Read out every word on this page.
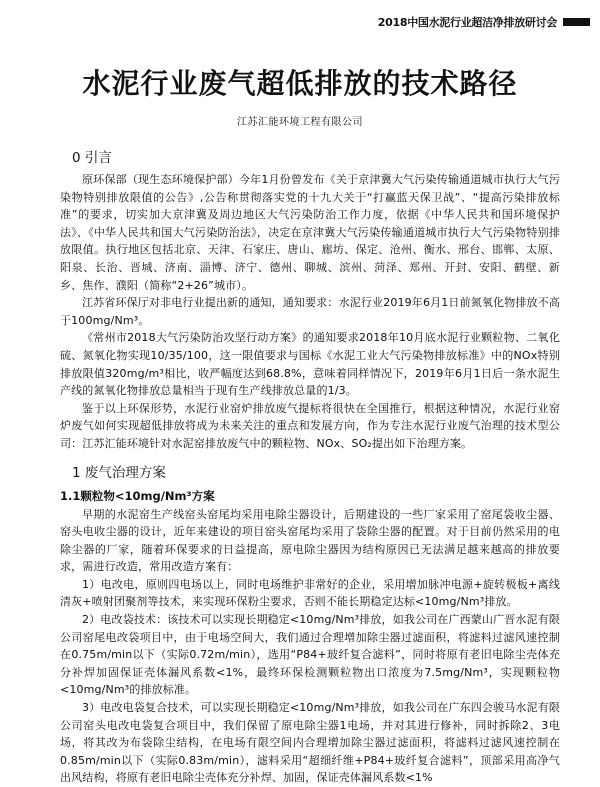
2018中国水泥行业超洁净排放研讨会
水泥行业废气超低排放的技术路径
江苏汇能环境工程有限公司
0 引言

原环保部（现生态环境保护部）今年1月份曾发布《关于京津冀大气污染传输通道城市执行大气污染物特别排放限值的公告》,公告称贯彻落实党的十九大关于“打赢蓝天保卫战”、“提高污染排放标准”的要求，切实加大京津冀及周边地区大气污染防治工作力度，依据《中华人民共和国环境保护法》、《中华人民共和国大气污染防治法》，决定在京津冀大气污染传输通道城市执行大气污染物特别排放限值。执行地区包括北京、天津、石家庄、唐山、廊坊、保定、沧州、衡水、邢台、邯郸、太原、阳泉、长治、晋城、济南、淄博、济宁、德州、聊城、滨州、菏泽、郑州、开封、安阳、鹤壁、新乡、焦作、濮阳（简称“2+26”城市）。

江苏省环保厅对非电行业提出新的通知，通知要求：水泥行业2019年6月1日前氮氧化物排放不高于100mg/Nm³。

《常州市2018大气污染防治攻坚行动方案》的通知要求2018年10月底水泥行业颗粒物、二氧化硫、氮氧化物实现10/35/100，这一限值要求与国标《水泥工业大气污染物排放标准》中的NOx特别排放限值320mg/m³相比，收严幅度达到68.8%，意味着同样情况下，2019年6月1日后一条水泥生产线的氮氧化物排放总量相当于现有生产线排放总量的1/3。

鉴于以上环保形势，水泥行业窑炉排放废气提标将很快在全国推行，根据这种情况，水泥行业窑炉废气如何实现超低排放将成为未来关注的重点和发展方向，作为专注水泥行业废气治理的技术型公司：江苏汇能环境针对水泥窑排放废气中的颗粒物、NOx、SO₂提出如下治理方案。

1 废气治理方案
1.1颗粒物<10mg/Nm³方案

早期的水泥窑生产线窑头窑尾均采用电除尘器设计，后期建设的一些厂家采用了窑尾袋收尘器、窑头电收尘器的设计，近年来建设的项目窑头窑尾均采用了袋除尘器的配置。对于目前仍然采用的电除尘器的厂家，随着环保要求的日益提高，原电除尘器因为结构原因已无法满足越来越高的排放要求，需进行改造，常用改造方案有：

1）电改电，原则四电场以上，同时电场维护非常好的企业，采用增加脉冲电源+旋转极板+离线清灰+喷射团聚剂等技术，来实现环保粉尘要求，否则不能长期稳定达标<10mg/Nm³排放。

2）电改袋技术：该技术可以实现长期稳定<10mg/Nm³排放，如我公司在广西蒙山广晋水泥有限公司窑尾电改袋项目中，由于电场空间大，我们通过合理增加除尘器过滤面积，将滤料过滤风速控制在0.75m/min以下（实际0.72m/min），选用“P84+玻纤复合滤料”，同时将原有老旧电除尘壳体充分补焊加固保证壳体漏风系数<1%，最终环保检测颗粒物出口浓度为7.5mg/Nm³，实现颗粒物<10mg/Nm³的排放标准。

3）电改电袋复合技术，可以实现长期稳定<10mg/Nm³排放，如我公司在广东四会骏马水泥有限公司窑头电改电袋复合项目中，我们保留了原电除尘器1电场，并对其进行修补，同时拆除2、3电场，将其改为布袋除尘结构，在电场有限空间内合理增加除尘器过滤面积，将滤料过滤风速控制在0.85m/min以下（实际0.83m/min），滤料采用“超细纤维+P84+玻纤复合滤料”，顶部采用高净气出风结构，将原有老旧电除尘壳体充分补焊、加固，保证壳体漏风系数<1%
